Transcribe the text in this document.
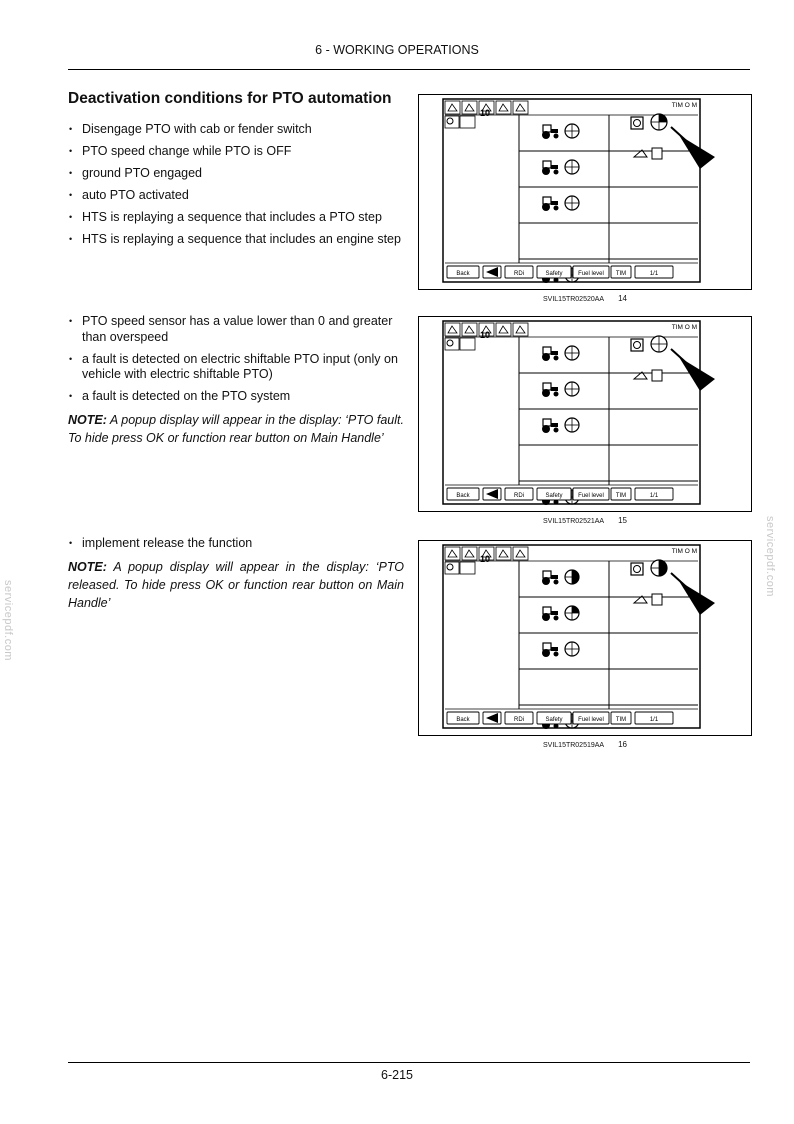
6 - WORKING OPERATIONS
Deactivation conditions for PTO automation
• Disengage PTO with cab or fender switch
• PTO speed change while PTO is OFF
• ground PTO engaged
• auto PTO activated
• HTS is replaying a sequence that includes a PTO step
• HTS is replaying a sequence that includes an engine step
• PTO speed sensor has a value lower than 0 and greater than overspeed
• a fault is detected on electric shiftable PTO input (only on vehicle with electric shiftable PTO)
• a fault is detected on the PTO system
NOTE: A popup display will appear in the display: ‘PTO fault. To hide press OK or function rear button on Main Handle’
• implement release the function
NOTE: A popup display will appear in the display: ‘PTO released. To hide press OK or function rear button on Main Handle’
10
TIM O M
Back	RDi	Safety	Fuel level TIM	1/1
SVIL15TR02520AA 14
10
TIM O M
Back	RDi	Safety	Fuel level TIM	1/1
SVIL15TR02521AA 15
10
TIM O M
Back	RDi	Safety	Fuel level TIM	1/1
SVIL15TR02519AA 16
servicepdf.com
servicepdf.com
6-215
